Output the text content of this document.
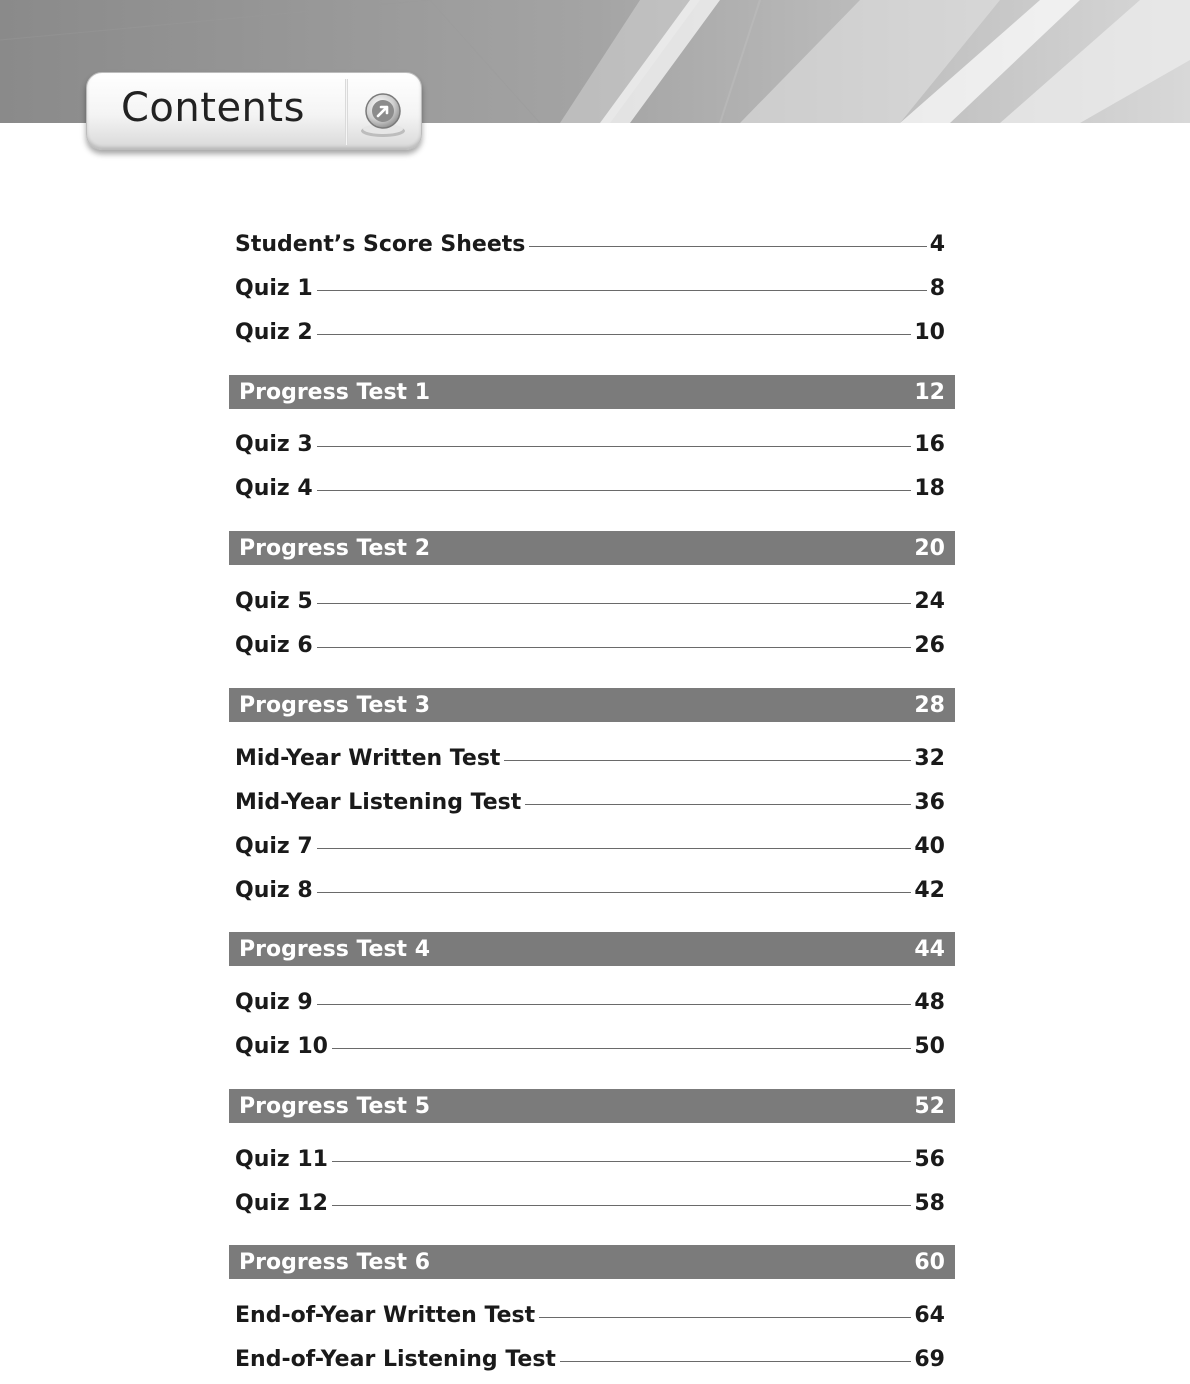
Contents
Student’s Score Sheets	4
Quiz 1	8
Quiz 2	10
Progress Test 1	12
Quiz 3	16
Quiz 4	18
Progress Test 2	20
Quiz 5	24
Quiz 6	26
Progress Test 3	28
Mid-Year Written Test	32
Mid-Year Listening Test	36
Quiz 7	40
Quiz 8	42
Progress Test 4	44
Quiz 9	48
Quiz 10	50
Progress Test 5	52
Quiz 11	56
Quiz 12	58
Progress Test 6	60
End-of-Year Written Test	64
End-of-Year Listening Test	69
